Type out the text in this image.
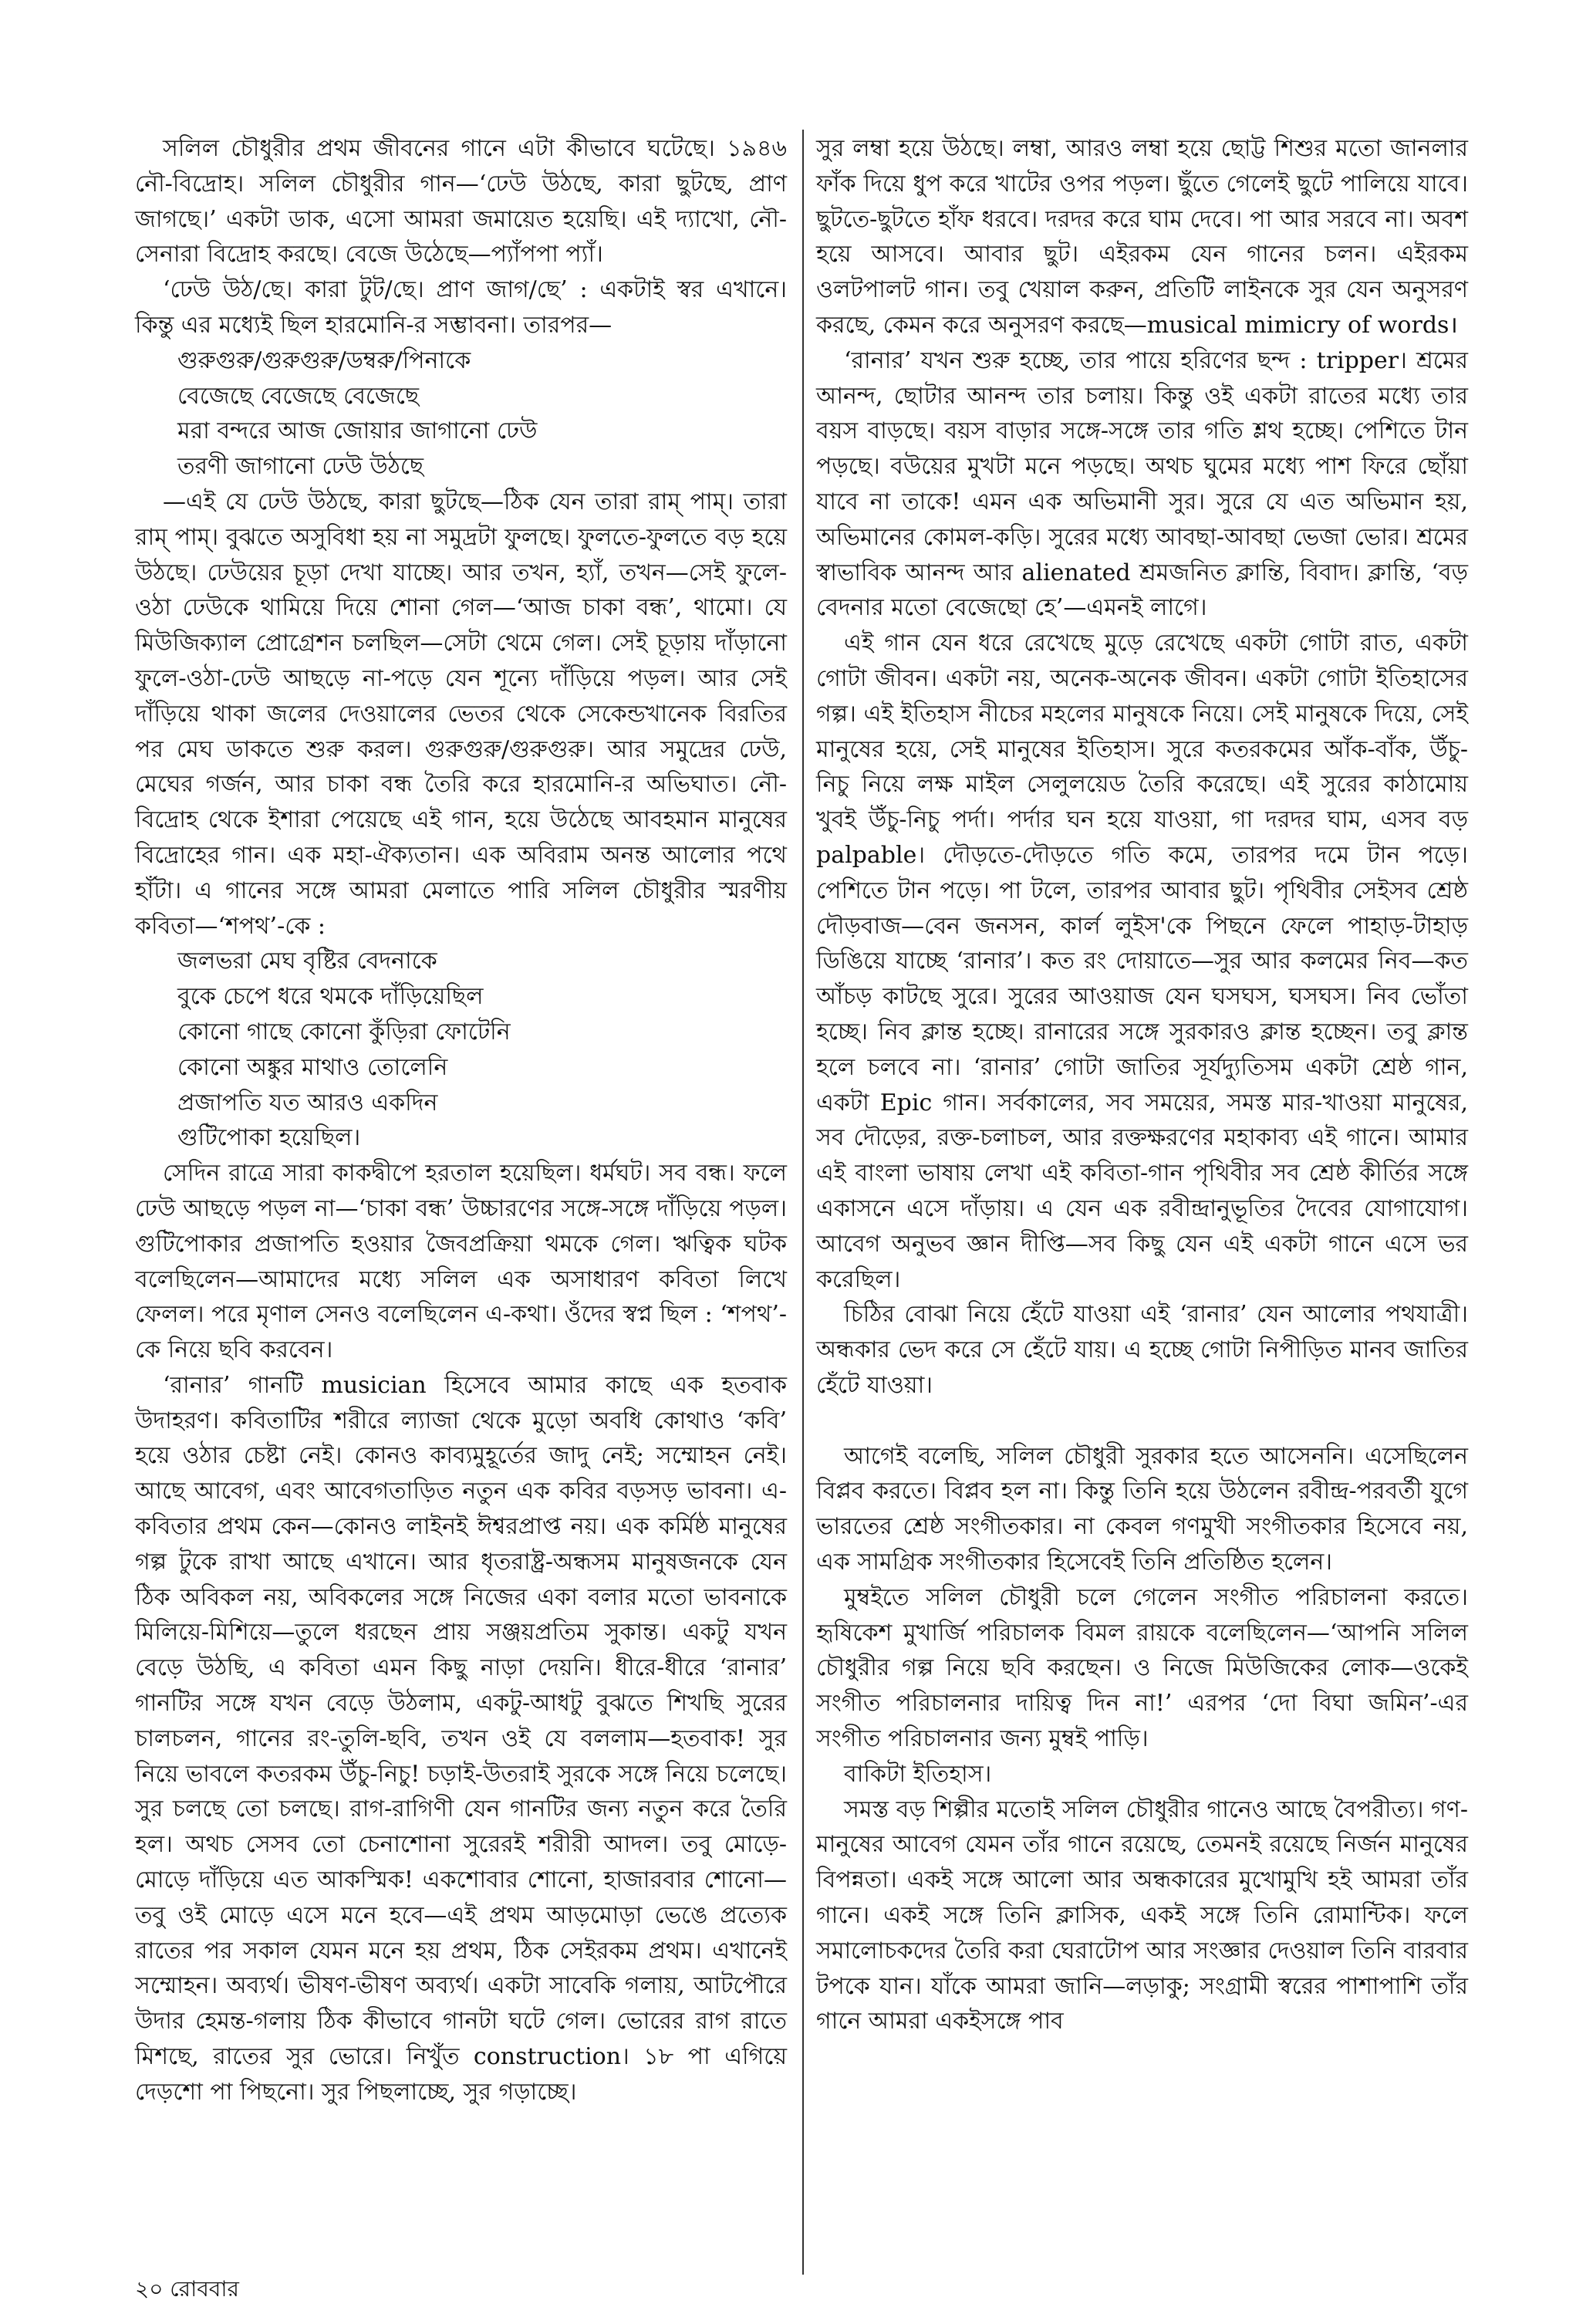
সলিল চৌধুরীর প্রথম জীবনের গানে এটা কীভাবে ঘটেছে। ১৯৪৬ নৌ-বিদ্রোহ। সলিল চৌধুরীর গান—‘ঢেউ উঠছে, কারা ছুটছে, প্রাণ জাগছে।’ একটা ডাক, এসো আমরা জমায়েত হয়েছি। এই দ্যাখো, নৌ-সেনারা বিদ্রোহ করছে। বেজে উঠেছে—প্যাঁপপা প্যাঁ।

‘ঢেউ উঠ/ছে। কারা টুট/ছে। প্রাণ জাগ/ছে’ : একটাই স্বর এখানে। কিন্তু এর মধ্যেই ছিল হারমোনি-র সম্ভাবনা। তারপর—

গুরুগুরু/গুরুগুরু/ডম্বরু/পিনাকে
বেজেছে বেজেছে বেজেছে
মরা বন্দরে আজ জোয়ার জাগানো ঢেউ
তরণী জাগানো ঢেউ উঠছে

—এই যে ঢেউ উঠছে, কারা ছুটছে—ঠিক যেন তারা রাম্ পাম্। তারা রাম্ পাম্। বুঝতে অসুবিধা হয় না সমুদ্রটা ফুলছে। ফুলতে-ফুলতে বড় হয়ে উঠছে। ঢেউয়ের চূড়া দেখা যাচ্ছে। আর তখন, হ্যাঁ, তখন—সেই ফুলে-ওঠা ঢেউকে থামিয়ে দিয়ে শোনা গেল—‘আজ চাকা বন্ধ’, থামো। যে মিউজিক্যাল প্রোগ্রেশন চলছিল—সেটা থেমে গেল। সেই চূড়ায় দাঁড়ানো ফুলে-ওঠা-ঢেউ আছড়ে না-পড়ে যেন শূন্যে দাঁড়িয়ে পড়ল। আর সেই দাঁড়িয়ে থাকা জলের দেওয়ালের ভেতর থেকে সেকেন্ডখানেক বিরতির পর মেঘ ডাকতে শুরু করল। গুরুগুরু/গুরুগুরু। আর সমুদ্রের ঢেউ, মেঘের গর্জন, আর চাকা বন্ধ তৈরি করে হারমোনি-র অভিঘাত। নৌ-বিদ্রোহ থেকে ইশারা পেয়েছে এই গান, হয়ে উঠেছে আবহমান মানুষের বিদ্রোহের গান। এক মহা-ঐক্যতান। এক অবিরাম অনন্ত আলোর পথে হাঁটা। এ গানের সঙ্গে আমরা মেলাতে পারি সলিল চৌধুরীর স্মরণীয় কবিতা—‘শপথ’-কে :

জলভরা মেঘ বৃষ্টির বেদনাকে
বুকে চেপে ধরে থমকে দাঁড়িয়েছিল
কোনো গাছে কোনো কুঁড়িরা ফোটেনি
কোনো অঙ্কুর মাথাও তোলেনি
প্রজাপতি যত আরও একদিন
গুটিপোকা হয়েছিল।

সেদিন রাত্রে সারা কাকদ্বীপে হরতাল হয়েছিল। ধর্মঘট। সব বন্ধ। ফলে ঢেউ আছড়ে পড়ল না—‘চাকা বন্ধ’ উচ্চারণের সঙ্গে-সঙ্গে দাঁড়িয়ে পড়ল। গুটিপোকার প্রজাপতি হওয়ার জৈবপ্রক্রিয়া থমকে গেল। ঋত্বিক ঘটক বলেছিলেন—আমাদের মধ্যে সলিল এক অসাধারণ কবিতা লিখে ফেলল। পরে মৃণাল সেনও বলেছিলেন এ-কথা। ওঁদের স্বপ্ন ছিল : ‘শপথ’-কে নিয়ে ছবি করবেন।

‘রানার’ গানটি musician হিসেবে আমার কাছে এক হতবাক উদাহরণ। কবিতাটির শরীরে ল্যাজা থেকে মুড়ো অবধি কোথাও ‘কবি’ হয়ে ওঠার চেষ্টা নেই। কোনও কাব্যমুহূর্তের জাদু নেই; সম্মোহন নেই। আছে আবেগ, এবং আবেগতাড়িত নতুন এক কবির বড়সড় ভাবনা। এ-কবিতার প্রথম কেন—কোনও লাইনই ঈশ্বরপ্রাপ্ত নয়। এক কর্মিষ্ঠ মানুষের গল্প টুকে রাখা আছে এখানে। আর ধৃতরাষ্ট্র-অন্ধসম মানুষজনকে যেন ঠিক অবিকল নয়, অবিকলের সঙ্গে নিজের একা বলার মতো ভাবনাকে মিলিয়ে-মিশিয়ে—তুলে ধরছেন প্রায় সঞ্জয়প্রতিম সুকান্ত। একটু যখন বেড়ে উঠছি, এ কবিতা এমন কিছু নাড়া দেয়নি। ধীরে-ধীরে ‘রানার’ গানটির সঙ্গে যখন বেড়ে উঠলাম, একটু-আধটু বুঝতে শিখছি সুরের চালচলন, গানের রং-তুলি-ছবি, তখন ওই যে বললাম—হতবাক! সুর নিয়ে ভাবলে কতরকম উঁচু-নিচু! চড়াই-উতরাই সুরকে সঙ্গে নিয়ে চলেছে। সুর চলছে তো চলছে। রাগ-রাগিণী যেন গানটির জন্য নতুন করে তৈরি হল। অথচ সেসব তো চেনাশোনা সুরেরই শরীরী আদল। তবু মোড়ে-মোড়ে দাঁড়িয়ে এত আকস্মিক! একশোবার শোনো, হাজারবার শোনো—তবু ওই মোড়ে এসে মনে হবে—এই প্রথম আড়মোড়া ভেঙে প্রত্যেক রাতের পর সকাল যেমন মনে হয় প্রথম, ঠিক সেইরকম প্রথম। এখানেই সম্মোহন। অব্যর্থ। ভীষণ-ভীষণ অব্যর্থ। একটা সাবেকি গলায়, আটপৌরে উদার হেমন্ত-গলায় ঠিক কীভাবে গানটা ঘটে গেল। ভোরের রাগ রাতে মিশছে, রাতের সুর ভোরে। নিখুঁত construction। ১৮ পা এগিয়ে দেড়শো পা পিছনো। সুর পিছলাচ্ছে, সুর গড়াচ্ছে।

সুর লম্বা হয়ে উঠছে। লম্বা, আরও লম্বা হয়ে ছোট্ট শিশুর মতো জানলার ফাঁক দিয়ে ধুপ করে খাটের ওপর পড়ল। ছুঁতে গেলেই ছুটে পালিয়ে যাবে। ছুটতে-ছুটতে হাঁফ ধরবে। দরদর করে ঘাম দেবে। পা আর সরবে না। অবশ হয়ে আসবে। আবার ছুট। এইরকম যেন গানের চলন। এইরকম ওলটপালট গান। তবু খেয়াল করুন, প্রতিটি লাইনকে সুর যেন অনুসরণ করছে, কেমন করে অনুসরণ করছে—musical mimicry of words।

‘রানার’ যখন শুরু হচ্ছে, তার পায়ে হরিণের ছন্দ : tripper। শ্রমের আনন্দ, ছোটার আনন্দ তার চলায়। কিন্তু ওই একটা রাতের মধ্যে তার বয়স বাড়ছে। বয়স বাড়ার সঙ্গে-সঙ্গে তার গতি শ্লথ হচ্ছে। পেশিতে টান পড়ছে। বউয়ের মুখটা মনে পড়ছে। অথচ ঘুমের মধ্যে পাশ ফিরে ছোঁয়া যাবে না তাকে! এমন এক অভিমানী সুর। সুরে যে এত অভিমান হয়, অভিমানের কোমল-কড়ি। সুরের মধ্যে আবছা-আবছা ভেজা ভোর। শ্রমের স্বাভাবিক আনন্দ আর alienated শ্রমজনিত ক্লান্তি, বিবাদ। ক্লান্তি, ‘বড় বেদনার মতো বেজেছো হে’—এমনই লাগে।

এই গান যেন ধরে রেখেছে মুড়ে রেখেছে একটা গোটা রাত, একটা গোটা জীবন। একটা নয়, অনেক-অনেক জীবন। একটা গোটা ইতিহাসের গল্প। এই ইতিহাস নীচের মহলের মানুষকে নিয়ে। সেই মানুষকে দিয়ে, সেই মানুষের হয়ে, সেই মানুষের ইতিহাস। সুরে কতরকমের আঁক-বাঁক, উঁচু-নিচু নিয়ে লক্ষ মাইল সেলুলয়েড তৈরি করেছে। এই সুরের কাঠামোয় খুবই উঁচু-নিচু পর্দা। পর্দার ঘন হয়ে যাওয়া, গা দরদর ঘাম, এসব বড় palpable। দৌড়তে-দৌড়তে গতি কমে, তারপর দমে টান পড়ে। পেশিতে টান পড়ে। পা টলে, তারপর আবার ছুট। পৃথিবীর সেইসব শ্রেষ্ঠ দৌড়বাজ—বেন জনসন, কার্ল লুইস'কে পিছনে ফেলে পাহাড়-টাহাড় ডিঙিয়ে যাচ্ছে ‘রানার’। কত রং দোয়াতে—সুর আর কলমের নিব—কত আঁচড় কাটছে সুরে। সুরের আওয়াজ যেন ঘসঘস, ঘসঘস। নিব ভোঁতা হচ্ছে। নিব ক্লান্ত হচ্ছে। রানারের সঙ্গে সুরকারও ক্লান্ত হচ্ছেন। তবু ক্লান্ত হলে চলবে না। ‘রানার’ গোটা জাতির সূর্যদ্যুতিসম একটা শ্রেষ্ঠ গান, একটা Epic গান। সর্বকালের, সব সময়ের, সমস্ত মার-খাওয়া মানুষের, সব দৌড়ের, রক্ত-চলাচল, আর রক্তক্ষরণের মহাকাব্য এই গানে। আমার এই বাংলা ভাষায় লেখা এই কবিতা-গান পৃথিবীর সব শ্রেষ্ঠ কীর্তির সঙ্গে একাসনে এসে দাঁড়ায়। এ যেন এক রবীন্দ্রানুভূতির দৈবের যোগাযোগ। আবেগ অনুভব জ্ঞান দীপ্তি—সব কিছু যেন এই একটা গানে এসে ভর করেছিল।

চিঠির বোঝা নিয়ে হেঁটে যাওয়া এই ‘রানার’ যেন আলোর পথযাত্রী। অন্ধকার ভেদ করে সে হেঁটে যায়। এ হচ্ছে গোটা নিপীড়িত মানব জাতির হেঁটে যাওয়া।

আগেই বলেছি, সলিল চৌধুরী সুরকার হতে আসেননি। এসেছিলেন বিপ্লব করতে। বিপ্লব হল না। কিন্তু তিনি হয়ে উঠলেন রবীন্দ্র-পরবর্তী যুগে ভারতের শ্রেষ্ঠ সংগীতকার। না কেবল গণমুখী সংগীতকার হিসেবে নয়, এক সামগ্রিক সংগীতকার হিসেবেই তিনি প্রতিষ্ঠিত হলেন।

মুম্বইতে সলিল চৌধুরী চলে গেলেন সংগীত পরিচালনা করতে। হৃষিকেশ মুখার্জি পরিচালক বিমল রায়কে বলেছিলেন—‘আপনি সলিল চৌধুরীর গল্প নিয়ে ছবি করছেন। ও নিজে মিউজিকের লোক—ওকেই সংগীত পরিচালনার দায়িত্ব দিন না!’ এরপর ‘দো বিঘা জমিন’-এর সংগীত পরিচালনার জন্য মুম্বই পাড়ি।

বাকিটা ইতিহাস।

সমস্ত বড় শিল্পীর মতোই সলিল চৌধুরীর গানেও আছে বৈপরীত্য। গণ-মানুষের আবেগ যেমন তাঁর গানে রয়েছে, তেমনই রয়েছে নির্জন মানুষের বিপন্নতা। একই সঙ্গে আলো আর অন্ধকারের মুখোমুখি হই আমরা তাঁর গানে। একই সঙ্গে তিনি ক্লাসিক, একই সঙ্গে তিনি রোমান্টিক। ফলে সমালোচকদের তৈরি করা ঘেরাটোপ আর সংজ্ঞার দেওয়াল তিনি বারবার টপকে যান। যাঁকে আমরা জানি—লড়াকু; সংগ্রামী স্বরের পাশাপাশি তাঁর গানে আমরা একইসঙ্গে পাব

২০ রোববার
